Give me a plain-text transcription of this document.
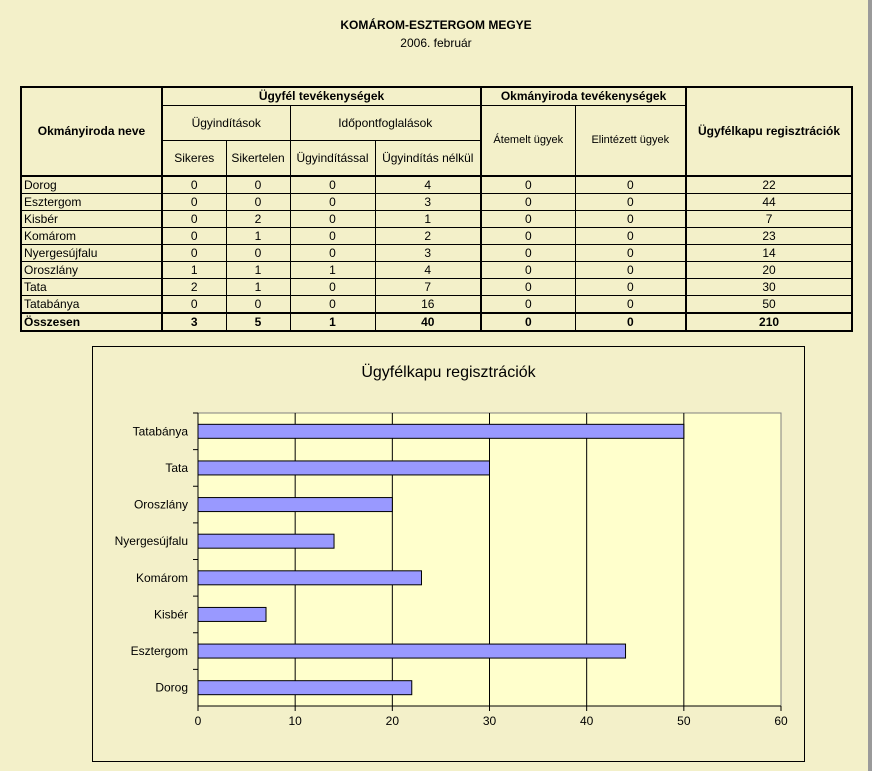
KOMÁROM-ESZTERGOM MEGYE
2006. február
Okmányiroda neve	Ügyfél tevékenységek				Okmányiroda tevékenységek		Ügyfélkapu regisztrációk
	Ügyindítások		Időpontfoglalások		Átemelt ügyek	Elintézett ügyek	
	Sikeres	Sikertelen	Ügyindítással	Ügyindítás nélkül			
Dorog	0	0	0	4	0	0	22
Esztergom	0	0	0	3	0	0	44
Kisbér	0	2	0	1	0	0	7
Komárom	0	1	0	2	0	0	23
Nyergesújfalu	0	0	0	3	0	0	14
Oroszlány	1	1	1	4	0	0	20
Tata	2	1	0	7	0	0	30
Tatabánya	0	0	0	16	0	0	50
Összesen	3	5	1	40	0	0	210
Ügyfélkapu regisztrációk
0	10	20	30	40	50	60
Dorog
Esztergom
Kisbér
Komárom
Nyergesújfalu
Oroszlány
Tata
Tatabánya
